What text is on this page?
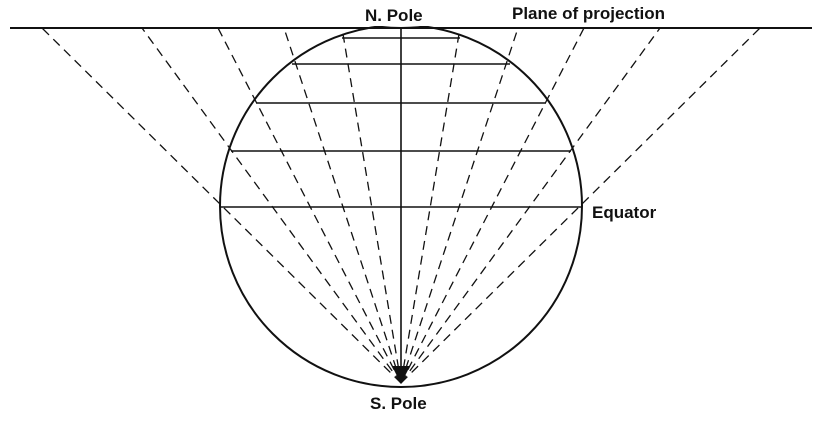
N. Pole	Plane of projection
Equator
S. Pole
